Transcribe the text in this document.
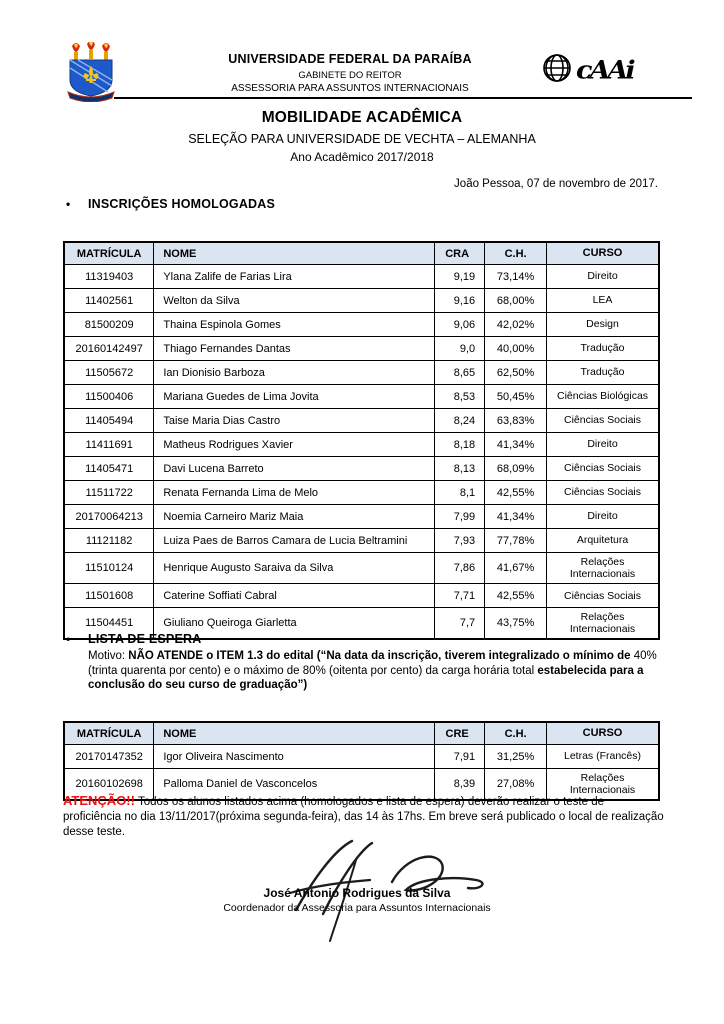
UNIVERSIDADE FEDERAL DA PARAÍBA
GABINETE DO REITOR
ASSESSORIA PARA ASSUNTOS INTERNACIONAIS
cAAi
MOBILIDADE ACADÊMICA
SELEÇÃO PARA UNIVERSIDADE DE VECHTA – ALEMANHA
Ano Acadêmico 2017/2018
João Pessoa, 07 de novembro de 2017.
• INSCRIÇÕES HOMOLOGADAS
MATRÍCULA	NOME	CRA	C.H.	CURSO
11319403	Ylana Zalife de Farias Lira	9,19	73,14%	Direito
11402561	Welton da Silva	9,16	68,00%	LEA
81500209	Thaina Espinola Gomes	9,06	42,02%	Design
20160142497	Thiago Fernandes Dantas	9,0	40,00%	Tradução
11505672	Ian Dionisio Barboza	8,65	62,50%	Tradução
11500406	Mariana Guedes de Lima Jovita	8,53	50,45%	Ciências Biológicas
11405494	Taise Maria Dias Castro	8,24	63,83%	Ciências Sociais
11411691	Matheus Rodrigues Xavier	8,18	41,34%	Direito
11405471	Davi Lucena Barreto	8,13	68,09%	Ciências Sociais
11511722	Renata Fernanda Lima de Melo	8,1	42,55%	Ciências Sociais
20170064213	Noemia Carneiro Mariz Maia	7,99	41,34%	Direito
11121182	Luiza Paes de Barros Camara de Lucia Beltramini	7,93	77,78%	Arquitetura
11510124	Henrique Augusto Saraiva da Silva	7,86	41,67%	Relações Internacionais
11501608	Caterine Soffiati Cabral	7,71	42,55%	Ciências Sociais
11504451	Giuliano Queiroga Giarletta	7,7	43,75%	Relações Internacionais
• LISTA DE ESPERA
Motivo: NÃO ATENDE o ITEM 1.3 do edital (“Na data da inscrição, tiverem integralizado o mínimo de 40% (trinta quarenta por cento) e o máximo de 80% (oitenta por cento) da carga horária total estabelecida para a conclusão do seu curso de graduação”)
MATRÍCULA	NOME	CRE	C.H.	CURSO
20170147352	Igor Oliveira Nascimento	7,91	31,25%	Letras (Francês)
20160102698	Palloma Daniel de Vasconcelos	8,39	27,08%	Relações Internacionais
ATENÇÃO!! Todos os alunos listados acima (homologados e lista de espera) deverão realizar o teste de proficiência no dia 13/11/2017(próxima segunda-feira), das 14 às 17hs. Em breve será publicado o local de realização desse teste.
José Antonio Rodrigues da Silva
Coordenador da Assessoria para Assuntos Internacionais
